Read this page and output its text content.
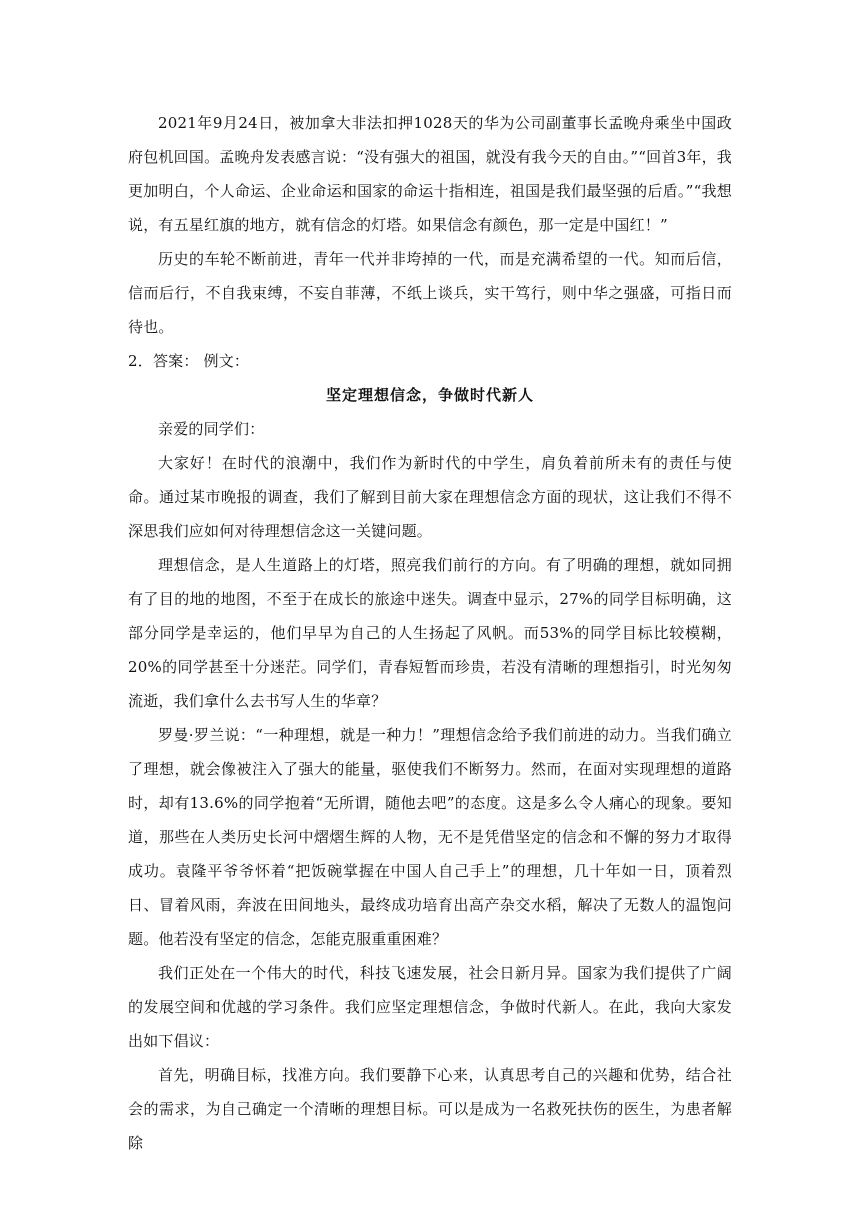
2021年9月24日，被加拿大非法扣押1028天的华为公司副董事长孟晚舟乘坐中国政府包机回国。孟晚舟发表感言说：“没有强大的祖国，就没有我今天的自由。”“回首3年，我更加明白，个人命运、企业命运和国家的命运十指相连，祖国是我们最坚强的后盾。”“我想说，有五星红旗的地方，就有信念的灯塔。如果信念有颜色，那一定是中国红！”

历史的车轮不断前进，青年一代并非垮掉的一代，而是充满希望的一代。知而后信，信而后行，不自我束缚，不妄自菲薄，不纸上谈兵，实干笃行，则中华之强盛，可指日而待也。

2．答案： 例文：

坚定理想信念，争做时代新人

亲爱的同学们：

大家好！在时代的浪潮中，我们作为新时代的中学生，肩负着前所未有的责任与使命。通过某市晚报的调查，我们了解到目前大家在理想信念方面的现状，这让我们不得不深思我们应如何对待理想信念这一关键问题。

理想信念，是人生道路上的灯塔，照亮我们前行的方向。有了明确的理想，就如同拥有了目的地的地图，不至于在成长的旅途中迷失。调查中显示，27%的同学目标明确，这部分同学是幸运的，他们早早为自己的人生扬起了风帆。而53%的同学目标比较模糊，20%的同学甚至十分迷茫。同学们，青春短暂而珍贵，若没有清晰的理想指引，时光匆匆流逝，我们拿什么去书写人生的华章？

罗曼·罗兰说：“一种理想，就是一种力！”理想信念给予我们前进的动力。当我们确立了理想，就会像被注入了强大的能量，驱使我们不断努力。然而，在面对实现理想的道路时，却有13.6%的同学抱着“无所谓，随他去吧”的态度。这是多么令人痛心的现象。要知道，那些在人类历史长河中熠熠生辉的人物，无不是凭借坚定的信念和不懈的努力才取得成功。袁隆平爷爷怀着“把饭碗掌握在中国人自己手上”的理想，几十年如一日，顶着烈日、冒着风雨，奔波在田间地头，最终成功培育出高产杂交水稻，解决了无数人的温饱问题。他若没有坚定的信念，怎能克服重重困难？

我们正处在一个伟大的时代，科技飞速发展，社会日新月异。国家为我们提供了广阔的发展空间和优越的学习条件。我们应坚定理想信念，争做时代新人。在此，我向大家发出如下倡议：

首先，明确目标，找准方向。我们要静下心来，认真思考自己的兴趣和优势，结合社会的需求，为自己确定一个清晰的理想目标。可以是成为一名救死扶伤的医生，为患者解除
